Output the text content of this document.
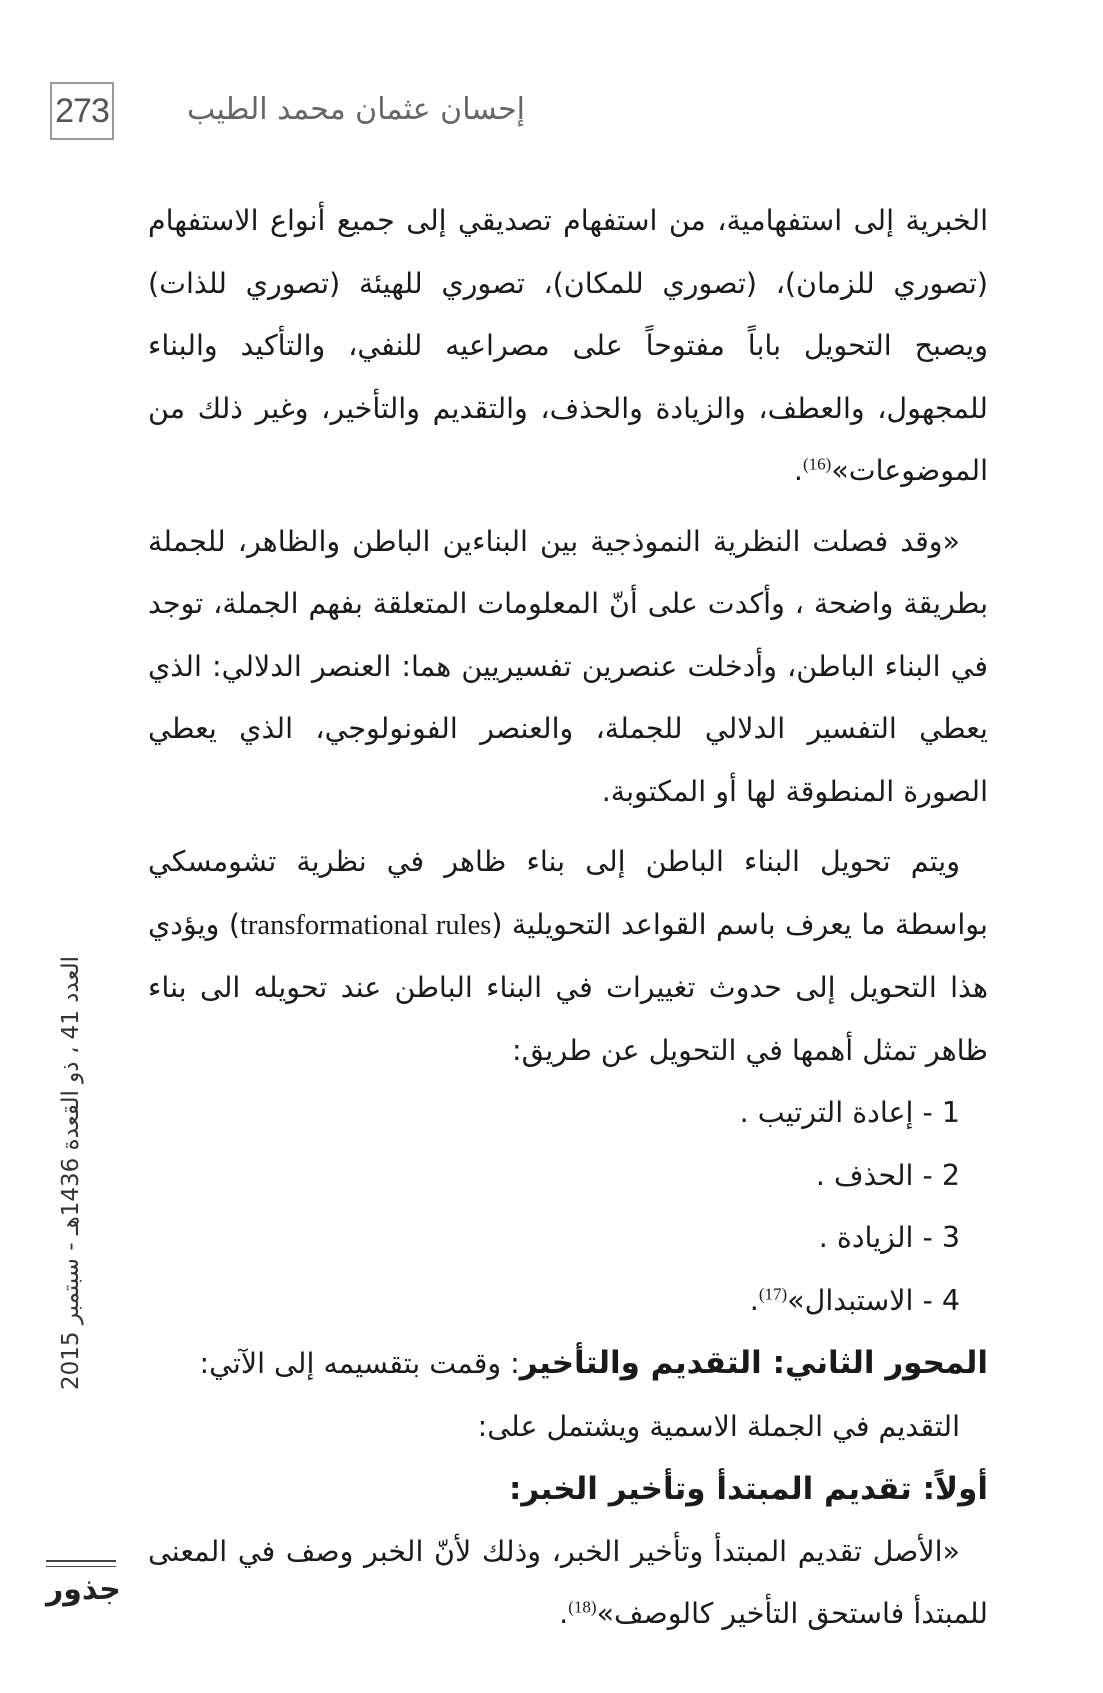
273	إحسان عثمان محمد الطيب

الخبرية إلى استفهامية، من استفهام تصديقي إلى جميع أنواع الاستفهام (تصوري للزمان)، (تصوري للمكان)، تصوري للهيئة (تصوري للذات) ويصبح التحويل باباً مفتوحاً على مصراعيه للنفي، والتأكيد والبناء للمجهول، والعطف، والزيادة والحذف، والتقديم والتأخير، وغير ذلك من الموضوعات»$^{(16)}$.

«وقد فصلت النظرية النموذجية بين البناءين الباطن والظاهر، للجملة بطريقة واضحة ، وأكدت على أنّ المعلومات المتعلقة بفهم الجملة، توجد في البناء الباطن، وأدخلت عنصرين تفسيريين هما: العنصر الدلالي: الذي يعطي التفسير الدلالي للجملة، والعنصر الفونولوجي، الذي يعطي الصورة المنطوقة لها أو المكتوبة.

ويتم تحويل البناء الباطن إلى بناء ظاهر في نظرية تشومسكي بواسطة ما يعرف باسم القواعد التحويلية (transformational rules) ويؤدي هذا التحويل إلى حدوث تغييرات في البناء الباطن عند تحويله الى بناء ظاهر تمثل أهمها في التحويل عن طريق:

1 - إعادة الترتيب .

2 - الحذف .

3 - الزيادة .

4 - الاستبدال»$^{(17)}$.

المحور الثاني: التقديم والتأخير: وقمت بتقسيمه إلى الآتي:

التقديم في الجملة الاسمية ويشتمل على:

أولاً: تقديم المبتدأ وتأخير الخبر:

«الأصل تقديم المبتدأ وتأخير الخبر، وذلك لأنّ الخبر وصف في المعنى للمبتدأ فاستحق التأخير كالوصف»$^{(18)}$.

العدد 41 ، ذو القعدة 1436هـ - سبتمبر 2015
جذور
